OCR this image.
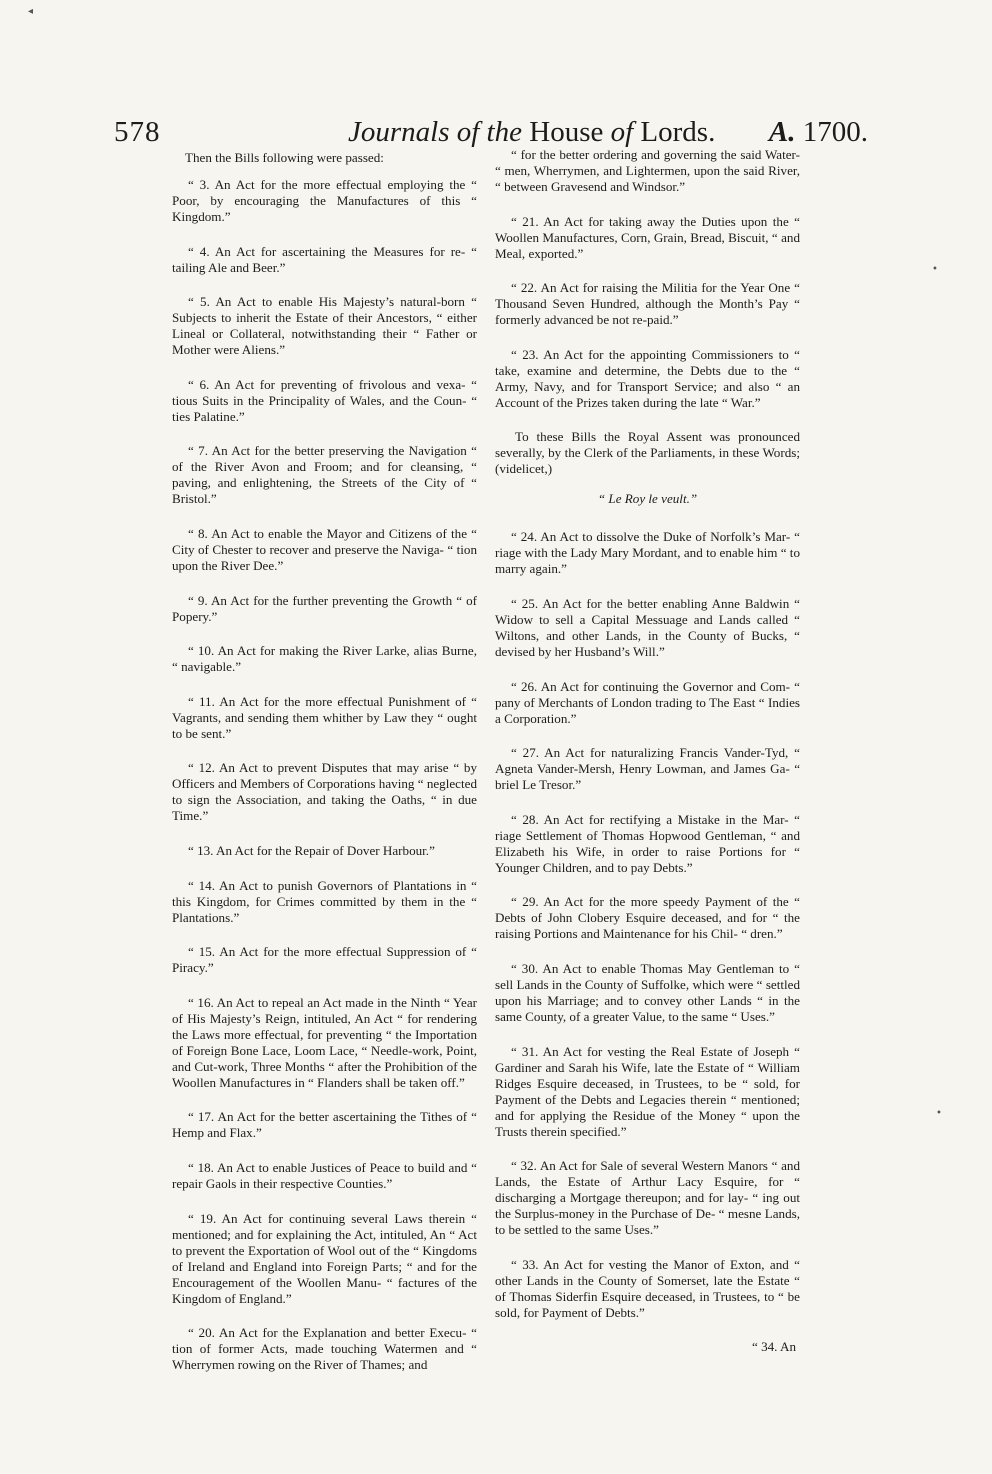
578	Journals of the House of Lords. A. 1700.

Then the Bills following were passed:

“ 3. An Act for the more effectual employing the “ Poor, by encouraging the Manufactures of this “ Kingdom.”

“ 4. An Act for ascertaining the Measures for re- “ tailing Ale and Beer.”

“ 5. An Act to enable His Majesty’s natural-born “ Subjects to inherit the Estate of their Ancestors, “ either Lineal or Collateral, notwithstanding their “ Father or Mother were Aliens.”

“ 6. An Act for preventing of frivolous and vexa- “ tious Suits in the Principality of Wales, and the Coun- “ ties Palatine.”

“ 7. An Act for the better preserving the Navigation “ of the River Avon and Froom; and for cleansing, “ paving, and enlightening, the Streets of the City of “ Bristol.”

“ 8. An Act to enable the Mayor and Citizens of the “ City of Chester to recover and preserve the Naviga- “ tion upon the River Dee.”

“ 9. An Act for the further preventing the Growth “ of Popery.”

“ 10. An Act for making the River Larke, alias Burne, “ navigable.”

“ 11. An Act for the more effectual Punishment of “ Vagrants, and sending them whither by Law they “ ought to be sent.”

“ 12. An Act to prevent Disputes that may arise “ by Officers and Members of Corporations having “ neglected to sign the Association, and taking the Oaths, “ in due Time.”

“ 13. An Act for the Repair of Dover Harbour.”

“ 14. An Act to punish Governors of Plantations in “ this Kingdom, for Crimes committed by them in the “ Plantations.”

“ 15. An Act for the more effectual Suppression of “ Piracy.”

“ 16. An Act to repeal an Act made in the Ninth “ Year of His Majesty’s Reign, intituled, An Act “ for rendering the Laws more effectual, for preventing “ the Importation of Foreign Bone Lace, Loom Lace, “ Needle-work, Point, and Cut-work, Three Months “ after the Prohibition of the Woollen Manufactures in “ Flanders shall be taken off.”

“ 17. An Act for the better ascertaining the Tithes of “ Hemp and Flax.”

“ 18. An Act to enable Justices of Peace to build and “ repair Gaols in their respective Counties.”

“ 19. An Act for continuing several Laws therein “ mentioned; and for explaining the Act, intituled, An “ Act to prevent the Exportation of Wool out of the “ Kingdoms of Ireland and England into Foreign Parts; “ and for the Encouragement of the Woollen Manu- “ factures of the Kingdom of England.”

“ 20. An Act for the Explanation and better Execu- “ tion of former Acts, made touching Watermen and “ Wherrymen rowing on the River of Thames; and

“ for the better ordering and governing the said Water- “ men, Wherrymen, and Lightermen, upon the said River, “ between Gravesend and Windsor.”

“ 21. An Act for taking away the Duties upon the “ Woollen Manufactures, Corn, Grain, Bread, Biscuit, “ and Meal, exported.”

“ 22. An Act for raising the Militia for the Year One “ Thousand Seven Hundred, although the Month’s Pay “ formerly advanced be not re-paid.”

“ 23. An Act for the appointing Commissioners to “ take, examine and determine, the Debts due to the “ Army, Navy, and for Transport Service; and also “ an Account of the Prizes taken during the late “ War.”

To these Bills the Royal Assent was pronounced severally, by the Clerk of the Parliaments, in these Words; (videlicet,)

“ Le Roy le veult.”

“ 24. An Act to dissolve the Duke of Norfolk’s Mar- “ riage with the Lady Mary Mordant, and to enable him “ to marry again.”

“ 25. An Act for the better enabling Anne Baldwin “ Widow to sell a Capital Messuage and Lands called “ Wiltons, and other Lands, in the County of Bucks, “ devised by her Husband’s Will.”

“ 26. An Act for continuing the Governor and Com- “ pany of Merchants of London trading to The East “ Indies a Corporation.”

“ 27. An Act for naturalizing Francis Vander-Tyd, “ Agneta Vander-Mersh, Henry Lowman, and James Ga- “ briel Le Tresor.”

“ 28. An Act for rectifying a Mistake in the Mar- “ riage Settlement of Thomas Hopwood Gentleman, “ and Elizabeth his Wife, in order to raise Portions for “ Younger Children, and to pay Debts.”

“ 29. An Act for the more speedy Payment of the “ Debts of John Clobery Esquire deceased, and for “ the raising Portions and Maintenance for his Chil- “ dren.”

“ 30. An Act to enable Thomas May Gentleman to “ sell Lands in the County of Suffolke, which were “ settled upon his Marriage; and to convey other Lands “ in the same County, of a greater Value, to the same “ Uses.”

“ 31. An Act for vesting the Real Estate of Joseph “ Gardiner and Sarah his Wife, late the Estate of “ William Ridges Esquire deceased, in Trustees, to be “ sold, for Payment of the Debts and Legacies therein “ mentioned; and for applying the Residue of the Money “ upon the Trusts therein specified.”

“ 32. An Act for Sale of several Western Manors “ and Lands, the Estate of Arthur Lacy Esquire, for “ discharging a Mortgage thereupon; and for lay- “ ing out the Surplus-money in the Purchase of De- “ mesne Lands, to be settled to the same Uses.”

“ 33. An Act for vesting the Manor of Exton, and “ other Lands in the County of Somerset, late the Estate “ of Thomas Siderfin Esquire deceased, in Trustees, to “ be sold, for Payment of Debts.”

“ 34. An

◂
•
•
